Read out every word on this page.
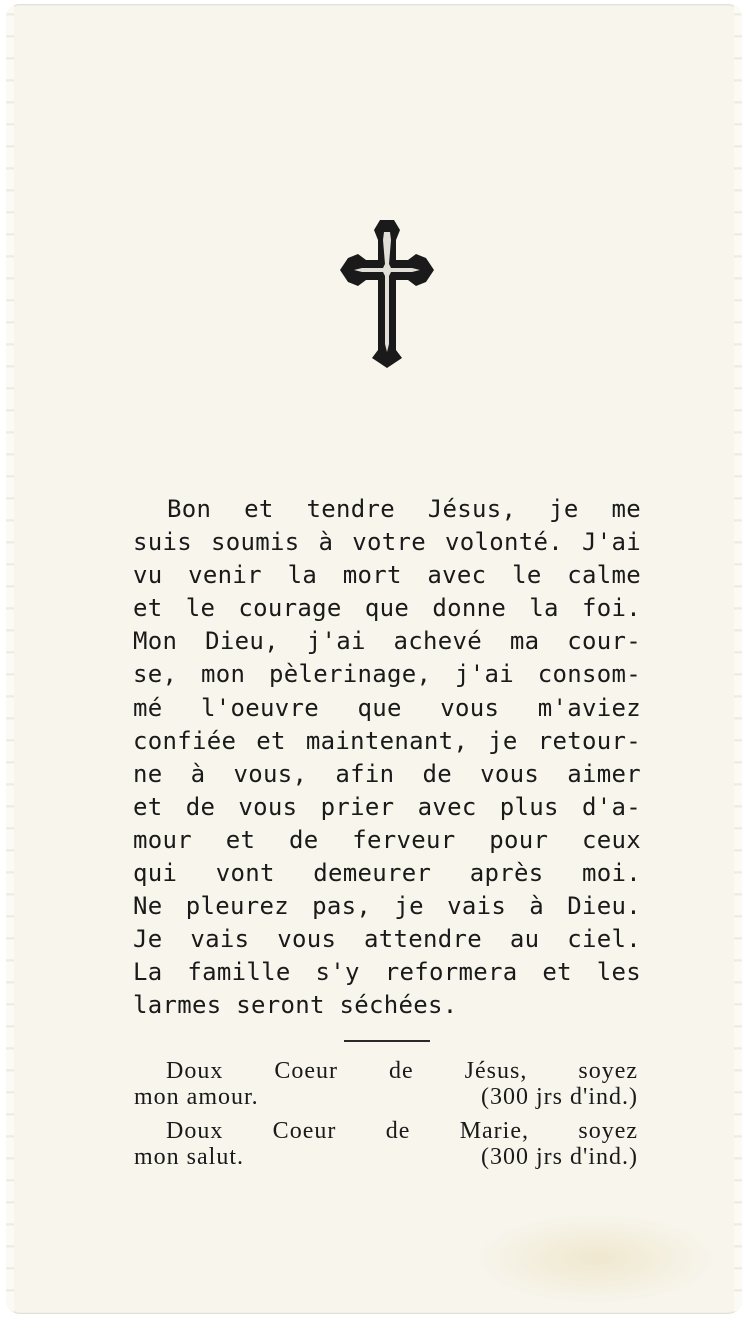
Bon et tendre Jésus, je me
suis soumis à votre volonté. J'ai
vu venir la mort avec le calme
et le courage que donne la foi.
Mon Dieu, j'ai achevé ma cour-
se, mon pèlerinage, j'ai consom-
mé l'oeuvre que vous m'aviez
confiée et maintenant, je retour-
ne à vous, afin de vous aimer
et de vous prier avec plus d'a-
mour et de ferveur pour ceux
qui vont demeurer après moi.
Ne pleurez pas, je vais à Dieu.
Je vais vous attendre au ciel.
La famille s'y reformera et les
larmes seront séchées.
Doux Coeur de Jésus, soyez
mon amour.	(300 jrs d'ind.)
Doux Coeur de Marie, soyez
mon salut.	(300 jrs d'ind.)
